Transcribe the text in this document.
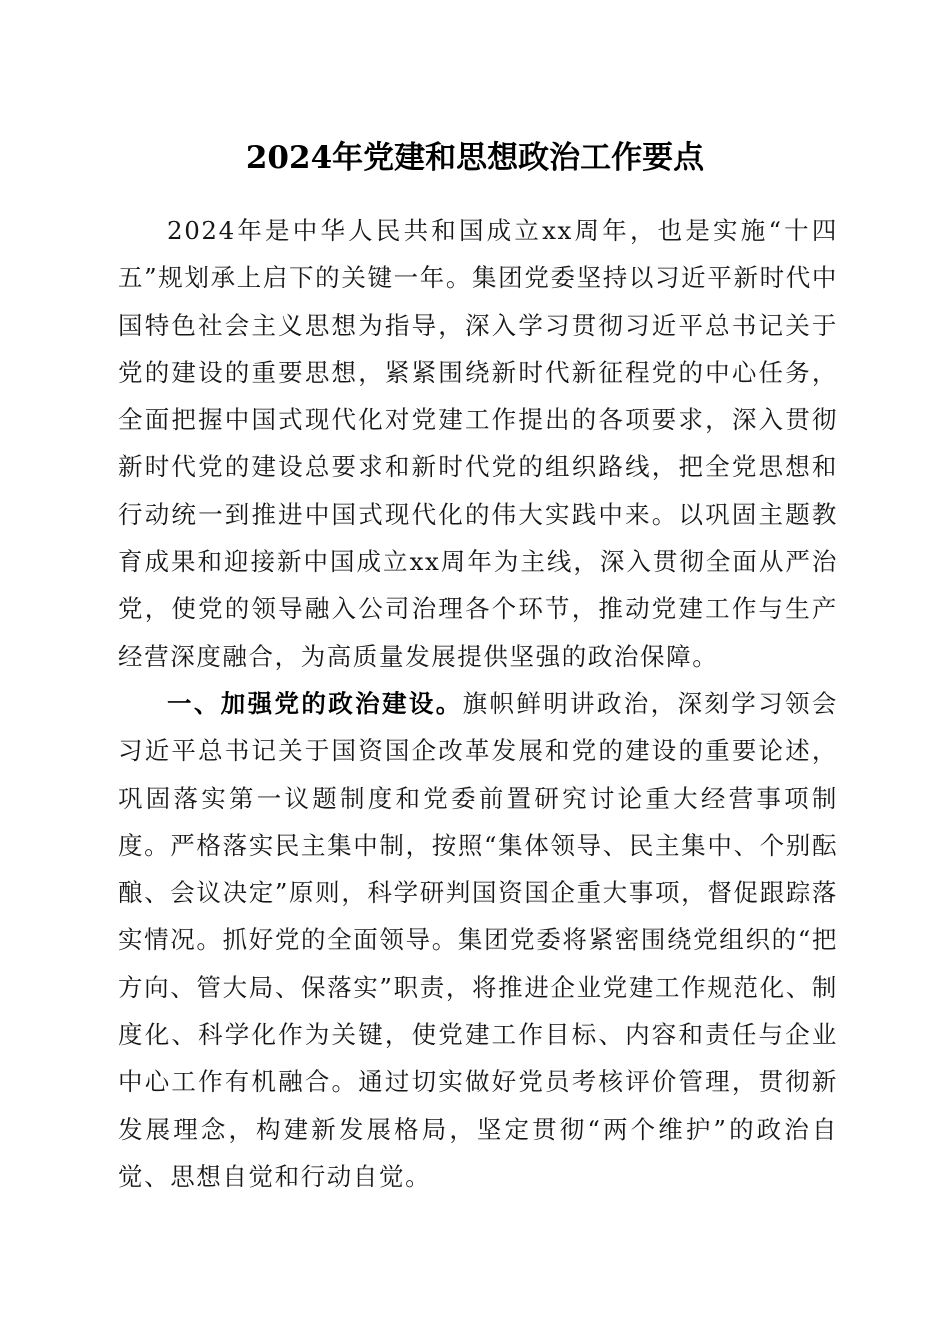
2024年党建和思想政治工作要点

2024年是中华人民共和国成立xx周年，也是实施“十四五”规划承上启下的关键一年。集团党委坚持以习近平新时代中国特色社会主义思想为指导，深入学习贯彻习近平总书记关于党的建设的重要思想，紧紧围绕新时代新征程党的中心任务，全面把握中国式现代化对党建工作提出的各项要求，深入贯彻新时代党的建设总要求和新时代党的组织路线，把全党思想和行动统一到推进中国式现代化的伟大实践中来。以巩固主题教育成果和迎接新中国成立xx周年为主线，深入贯彻全面从严治党，使党的领导融入公司治理各个环节，推动党建工作与生产经营深度融合，为高质量发展提供坚强的政治保障。

一、加强党的政治建设。旗帜鲜明讲政治，深刻学习领会习近平总书记关于国资国企改革发展和党的建设的重要论述，巩固落实第一议题制度和党委前置研究讨论重大经营事项制度。严格落实民主集中制，按照“集体领导、民主集中、个别酝酿、会议决定”原则，科学研判国资国企重大事项，督促跟踪落实情况。抓好党的全面领导。集团党委将紧密围绕党组织的“把方向、管大局、保落实”职责，将推进企业党建工作规范化、制度化、科学化作为关键，使党建工作目标、内容和责任与企业中心工作有机融合。通过切实做好党员考核评价管理，贯彻新发展理念，构建新发展格局，坚定贯彻“两个维护”的政治自觉、思想自觉和行动自觉。
